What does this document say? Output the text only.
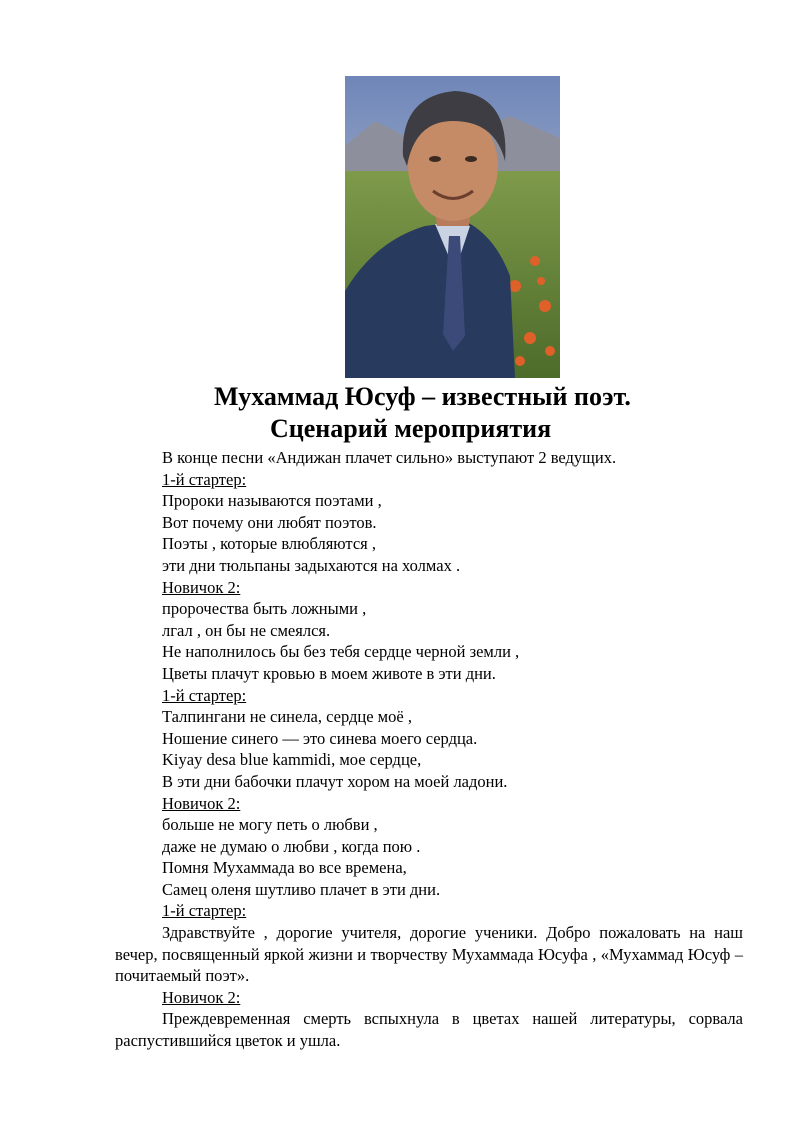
Мухаммад Юсуф – известный поэт.
Сценарий мероприятия
В конце песни «Андижан плачет сильно» выступают 2 ведущих.
1-й стартер:
Пророки называются поэтами ,
Вот почему они любят поэтов.
Поэты , которые влюбляются ,
эти дни тюльпаны задыхаются на холмах .
Новичок 2:
пророчества быть ложными ,
лгал , он бы не смеялся.
Не наполнилось бы без тебя сердце черной земли ,
Цветы плачут кровью в моем животе в эти дни.
1-й стартер:
Талпингани не синела, сердце моё ,
Ношение синего — это синева моего сердца.
Kiyay desa blue kammidi, мое сердце,
В эти дни бабочки плачут хором на моей ладони.
Новичок 2:
больше не могу петь о любви ,
даже не думаю о любви , когда пою .
Помня Мухаммада во все времена,
Самец оленя шутливо плачет в эти дни.
1-й стартер:
Здравствуйте , дорогие учителя, дорогие ученики. Добро пожаловать на наш вечер, посвященный яркой жизни и творчеству Мухаммада Юсуфа , «Мухаммад Юсуф – почитаемый поэт».
Новичок 2:
Преждевременная смерть вспыхнула в цветах нашей литературы, сорвала распустившийся цветок и ушла.
